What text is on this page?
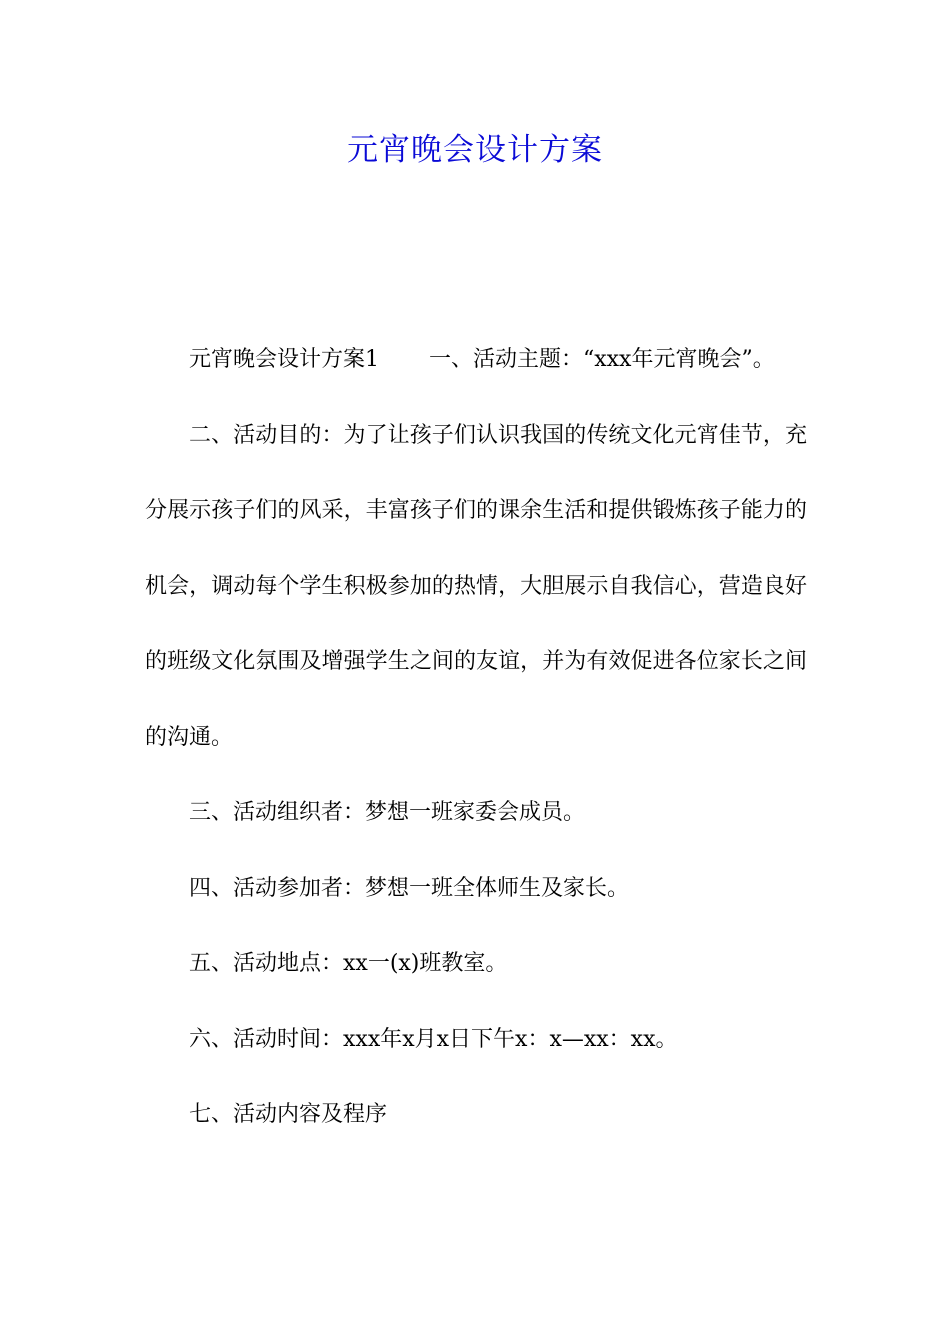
元宵晚会设计方案

元宵晚会设计方案1 一、活动主题：“xxx年元宵晚会”。

二、活动目的：为了让孩子们认识我国的传统文化元宵佳节，充分展示孩子们的风采，丰富孩子们的课余生活和提供锻炼孩子能力的机会，调动每个学生积极参加的热情，大胆展示自我信心，营造良好的班级文化氛围及增强学生之间的友谊，并为有效促进各位家长之间的沟通。

三、活动组织者：梦想一班家委会成员。

四、活动参加者：梦想一班全体师生及家长。

五、活动地点：xx一(x)班教室。

六、活动时间：xxx年x月x日下午x：x—xx：xx。

七、活动内容及程序
